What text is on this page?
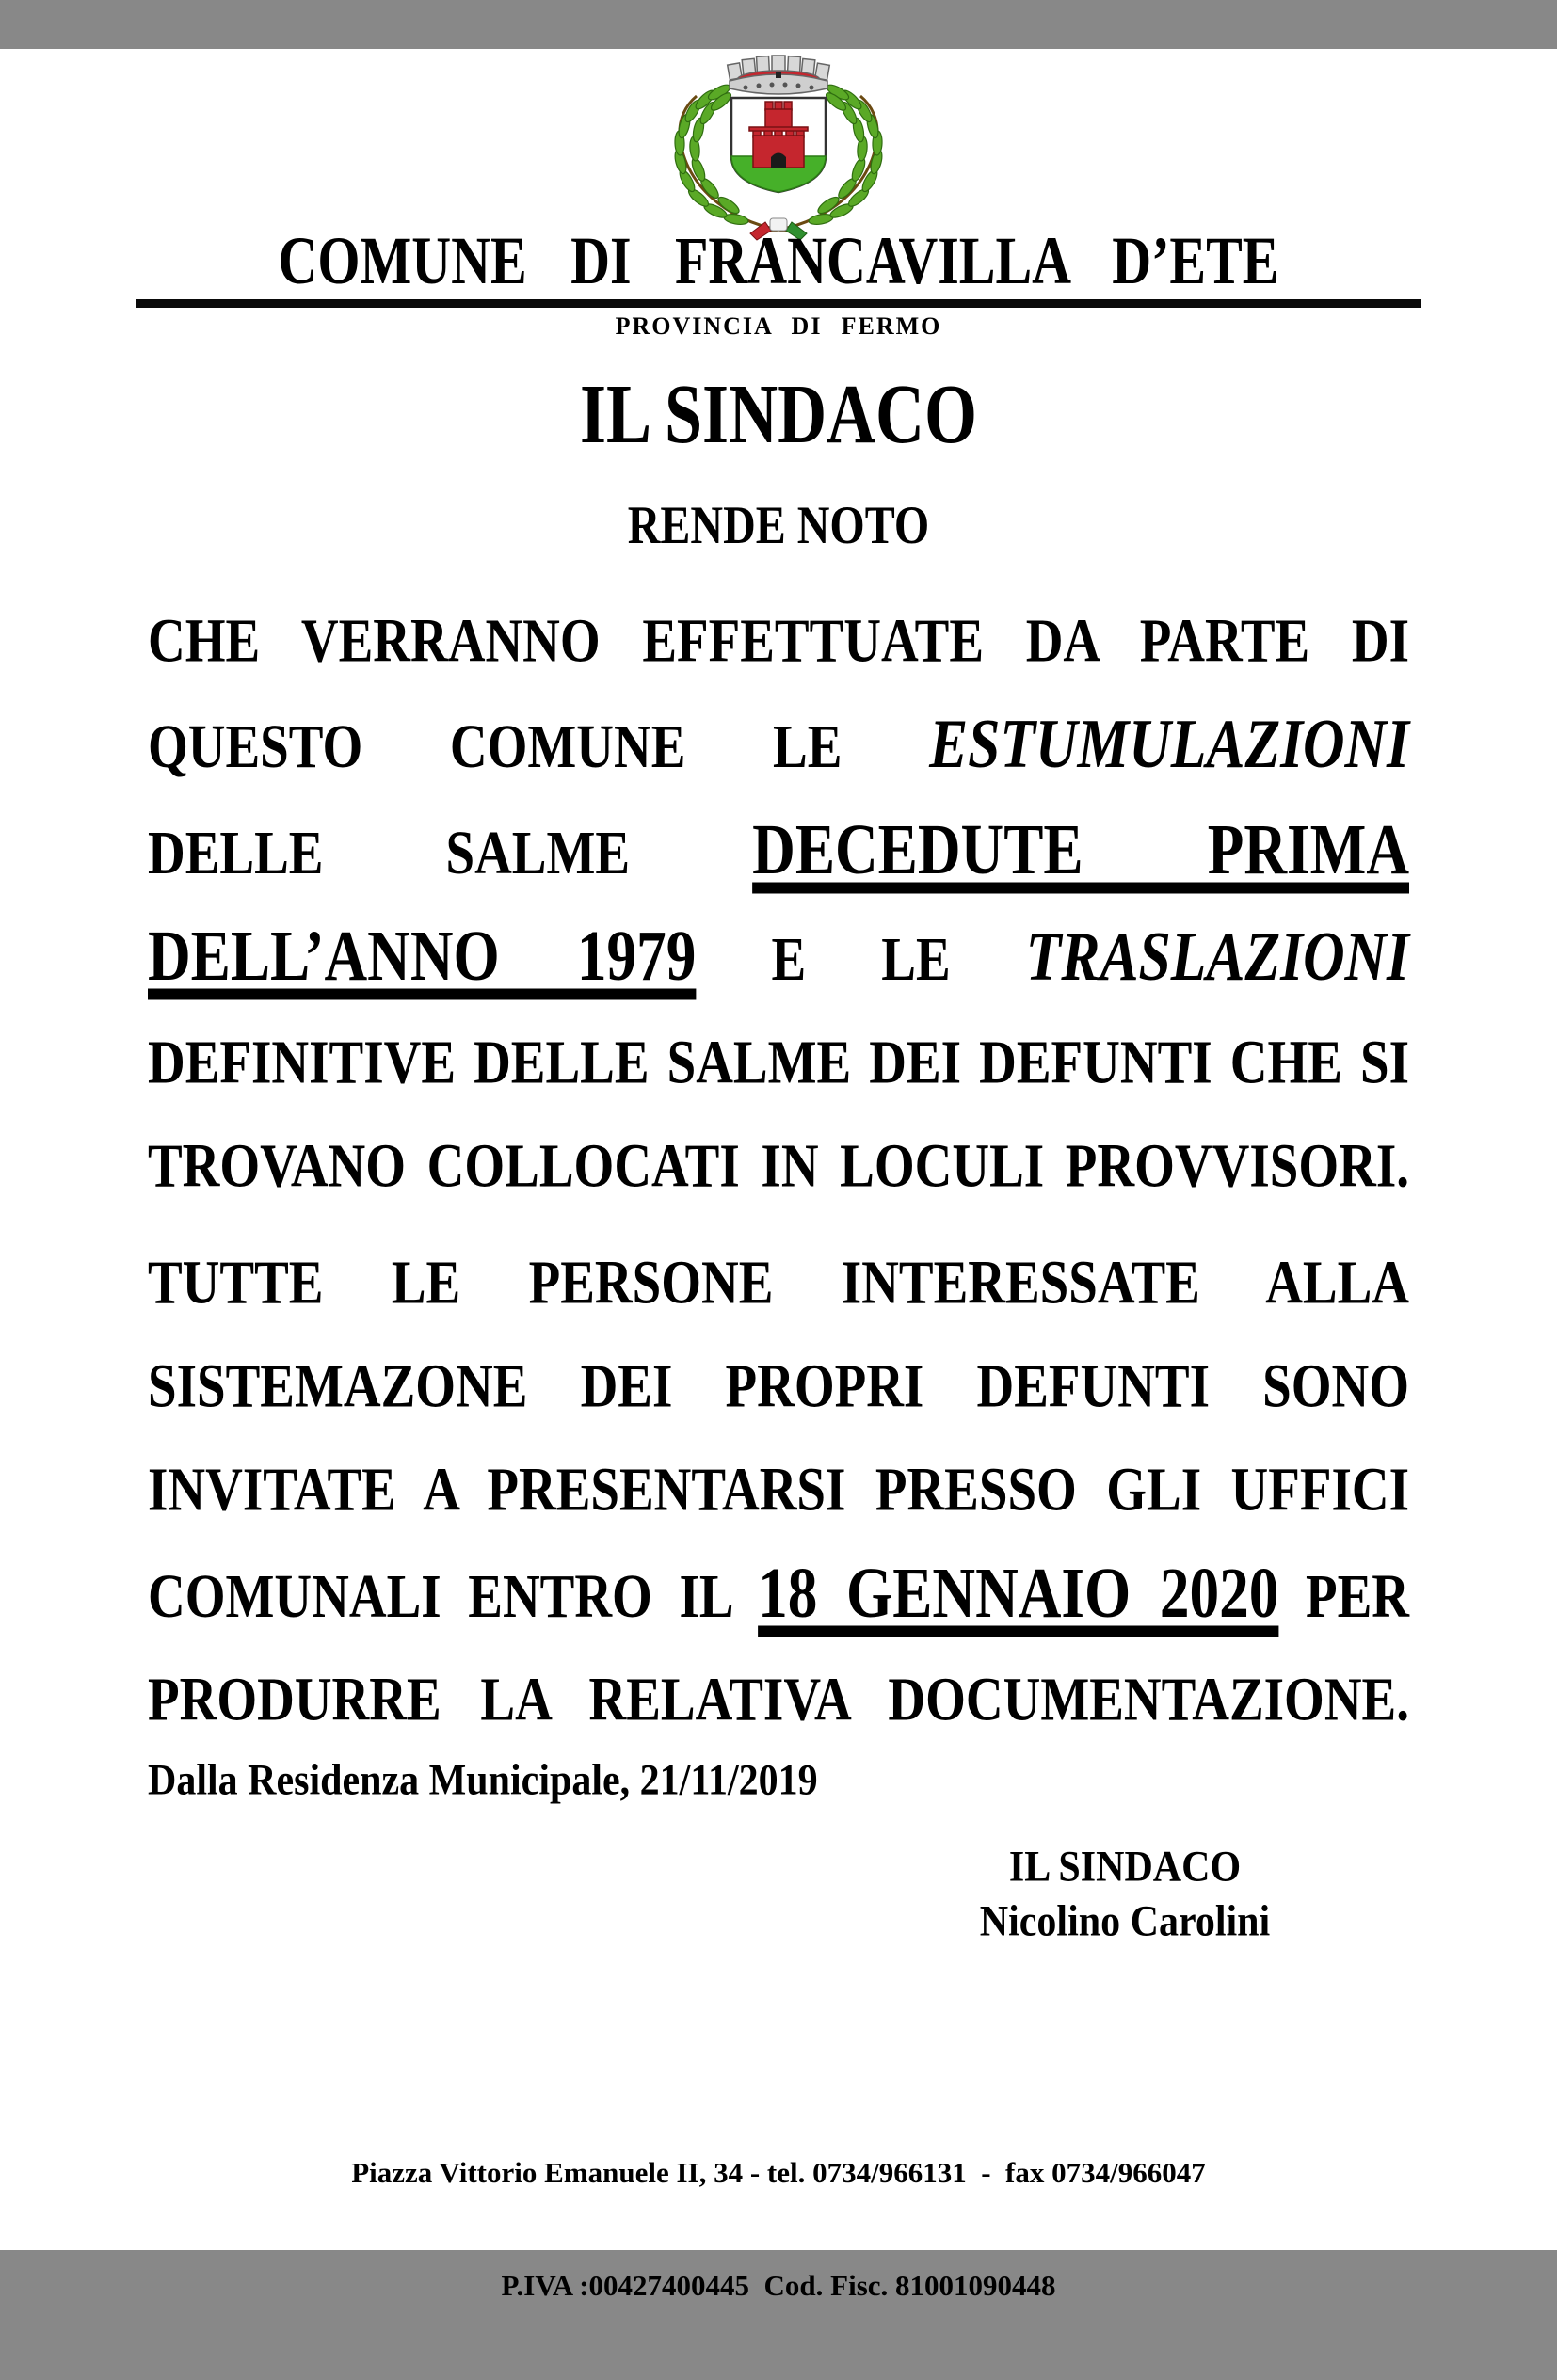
COMUNE DI FRANCAVILLA D’ETE
PROVINCIA DI FERMO
IL SINDACO
RENDE NOTO
CHE VERRANNO EFFETTUATE DA PARTE DI
QUESTO COMUNE LE ESTUMULAZIONI
DELLE SALME DECEDUTE PRIMA
DELL’ANNO 1979 E LE TRASLAZIONI
DEFINITIVE DELLE SALME DEI DEFUNTI CHE SI
TROVANO COLLOCATI IN LOCULI PROVVISORI.
TUTTE LE PERSONE INTERESSATE ALLA
SISTEMAZONE DEI PROPRI DEFUNTI SONO
INVITATE A PRESENTARSI PRESSO GLI UFFICI
COMUNALI ENTRO IL 18 GENNAIO 2020 PER
PRODURRE LA RELATIVA DOCUMENTAZIONE.
Dalla Residenza Municipale, 21/11/2019
IL SINDACO
Nicolino Carolini

Piazza Vittorio Emanuele II, 34 - tel. 0734/966131  -  fax 0734/966047

P.IVA :00427400445  Cod. Fisc. 81001090448
